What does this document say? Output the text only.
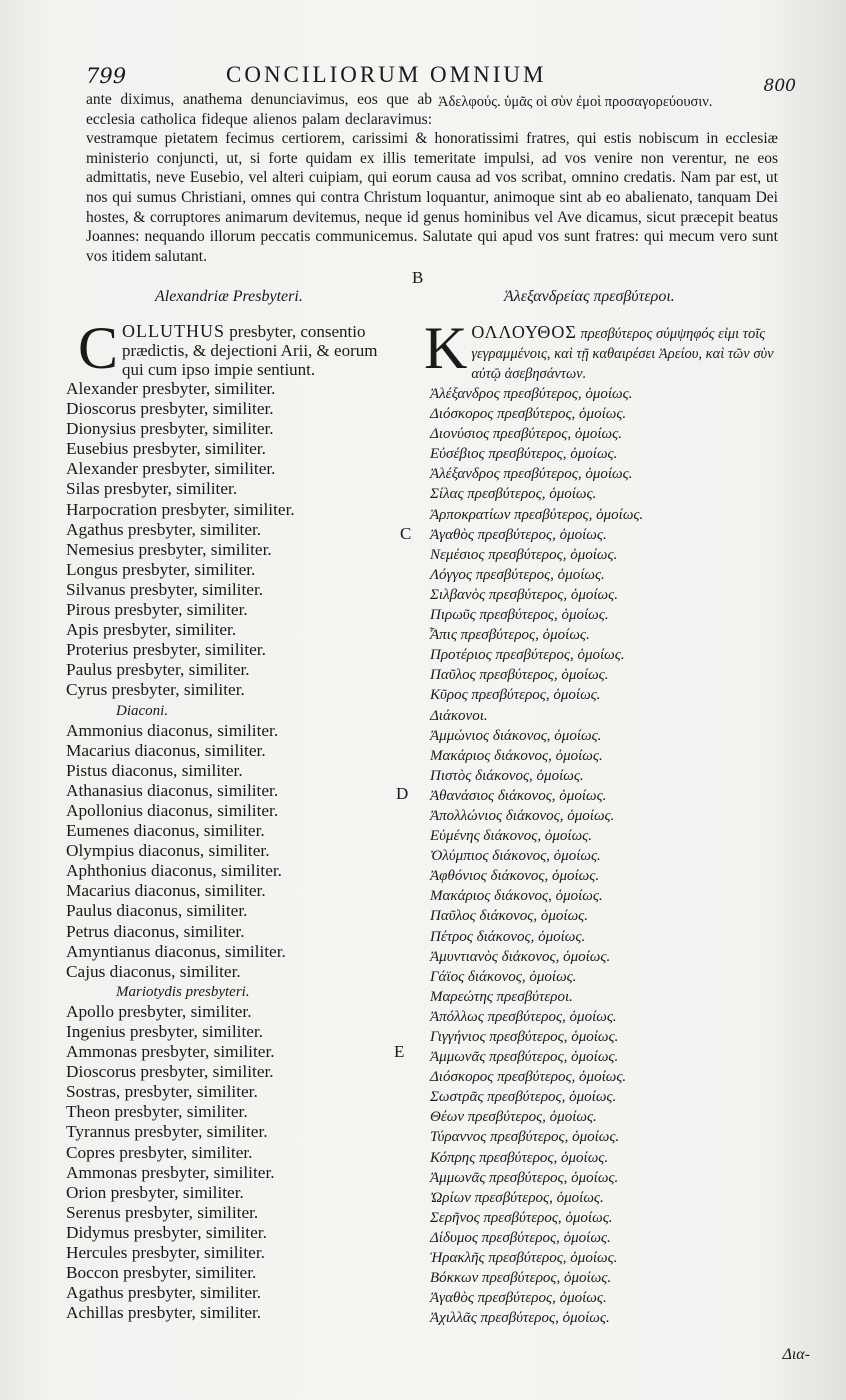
799	CONCILIORUM OMNIUM	800
Ἀδελφούς. ὑμᾶς οἱ σὺν ἐμοὶ προσαγορεύουσιν.

ante diximus, anathema denunciavimus, eos que ab ecclesia catholica fideque alienos palam declaravimus: vestramque pietatem fecimus certiorem, carissimi & honoratissimi fratres, qui estis nobiscum in ecclesiæ ministerio conjuncti, ut, si forte quidam ex illis temeritate impulsi, ad vos venire non verentur, ne eos admittatis, neve Eusebio, vel alteri cuipiam, qui eorum causa ad vos scribat, omnino credatis. Nam par est, ut nos qui sumus Christiani, omnes qui contra Christum loquantur, animoque sint ab eo abalienato, tanquam Dei hostes, & corruptores animarum devitemus, neque id genus hominibus vel Ave dicamus, sicut præcepit beatus Joannes: nequando illorum peccatis communicemus. Salutate qui apud vos sunt fratres: qui mecum vero sunt vos itidem salutant.

B
C
D
E
Alexandriæ Presbyteri.	Ἀλεξανδρείας πρεσβύτεροι.
C OLLUTHUS presbyter, consentio prædictis, & dejectioni Arii, & eorum qui cum ipso impie sentiunt.
Alexander presbyter, similiter.
Dioscorus presbyter, similiter.
Dionysius presbyter, similiter.
Eusebius presbyter, similiter.
Alexander presbyter, similiter.
Silas presbyter, similiter.
Harpocration presbyter, similiter.
Agathus presbyter, similiter.
Nemesius presbyter, similiter.
Longus presbyter, similiter.
Silvanus presbyter, similiter.
Pirous presbyter, similiter.
Apis presbyter, similiter.
Proterius presbyter, similiter.
Paulus presbyter, similiter.
Cyrus presbyter, similiter.
Diaconi.
Ammonius diaconus, similiter.
Macarius diaconus, similiter.
Pistus diaconus, similiter.
Athanasius diaconus, similiter.
Apollonius diaconus, similiter.
Eumenes diaconus, similiter.
Olympius diaconus, similiter.
Aphthonius diaconus, similiter.
Macarius diaconus, similiter.
Paulus diaconus, similiter.
Petrus diaconus, similiter.
Amyntianus diaconus, similiter.
Cajus diaconus, similiter.
Mariotydis presbyteri.
Apollo presbyter, similiter.
Ingenius presbyter, similiter.
Ammonas presbyter, similiter.
Dioscorus presbyter, similiter.
Sostras, presbyter, similiter.
Theon presbyter, similiter.
Tyrannus presbyter, similiter.
Copres presbyter, similiter.
Ammonas presbyter, similiter.
Orion presbyter, similiter.
Serenus presbyter, similiter.
Didymus presbyter, similiter.
Hercules presbyter, similiter.
Boccon presbyter, similiter.
Agathus presbyter, similiter.
Achillas presbyter, similiter.
Κ ΟΛΛΟΥΘΟΣ πρεσβύτερος σύμψηφός εἰμι τοῖς γεγραμμένοις, καὶ τῇ καθαιρέσει Ἀρείου, καὶ τῶν σὺν αὐτῷ ἀσεβησάντων.
Ἀλέξανδρος πρεσβύτερος, ὁμοίως.
Διόσκορος πρεσβύτερος, ὁμοίως.
Διονύσιος πρεσβύτερος, ὁμοίως.
Εὐσέβιος πρεσβύτερος, ὁμοίως.
Ἀλέξανδρος πρεσβύτερος, ὁμοίως.
Σίλας πρεσβύτερος, ὁμοίως.
Ἁρποκρατίων πρεσβύτερος, ὁμοίως.
Ἀγαθὸς πρεσβύτερος, ὁμοίως.
Νεμέσιος πρεσβύτερος, ὁμοίως.
Λόγγος πρεσβύτερος, ὁμοίως.
Σιλβανὸς πρεσβύτερος, ὁμοίως.
Πιρωῦς πρεσβύτερος, ὁμοίως.
Ἆπις πρεσβύτερος, ὁμοίως.
Προτέριος πρεσβύτερος, ὁμοίως.
Παῦλος πρεσβύτερος, ὁμοίως.
Κῦρος πρεσβύτερος, ὁμοίως.
Διάκονοι.
Ἀμμώνιος διάκονος, ὁμοίως.
Μακάριος διάκονος, ὁμοίως.
Πιστὸς διάκονος, ὁμοίως.
Ἀθανάσιος διάκονος, ὁμοίως.
Ἀπολλώνιος διάκονος, ὁμοίως.
Εὐμένης διάκονος, ὁμοίως.
Ὀλύμπιος διάκονος, ὁμοίως.
Ἀφθόνιος διάκονος, ὁμοίως.
Μακάριος διάκονος, ὁμοίως.
Παῦλος διάκονος, ὁμοίως.
Πέτρος διάκονος, ὁμοίως.
Ἀμυντιανὸς διάκονος, ὁμοίως.
Γάϊος διάκονος, ὁμοίως.
Μαρεώτης πρεσβύτεροι.
Ἀπόλλως πρεσβύτερος, ὁμοίως.
Γιγγήνιος πρεσβύτερος, ὁμοίως.
Ἀμμωνᾶς πρεσβύτερος, ὁμοίως.
Διόσκορος πρεσβύτερος, ὁμοίως.
Σωστρᾶς πρεσβύτερος, ὁμοίως.
Θέων πρεσβύτερος, ὁμοίως.
Τύραννος πρεσβύτερος, ὁμοίως.
Κόπρης πρεσβύτερος, ὁμοίως.
Ἀμμωνᾶς πρεσβύτερος, ὁμοίως.
Ὠρίων πρεσβύτερος, ὁμοίως.
Σερῆνος πρεσβύτερος, ὁμοίως.
Δίδυμος πρεσβύτερος, ὁμοίως.
Ἡρακλῆς πρεσβύτερος, ὁμοίως.
Βόκκων πρεσβύτερος, ὁμοίως.
Ἀγαθὸς πρεσβύτερος, ὁμοίως.
Ἀχιλλᾶς πρεσβύτερος, ὁμοίως.
Δια-
